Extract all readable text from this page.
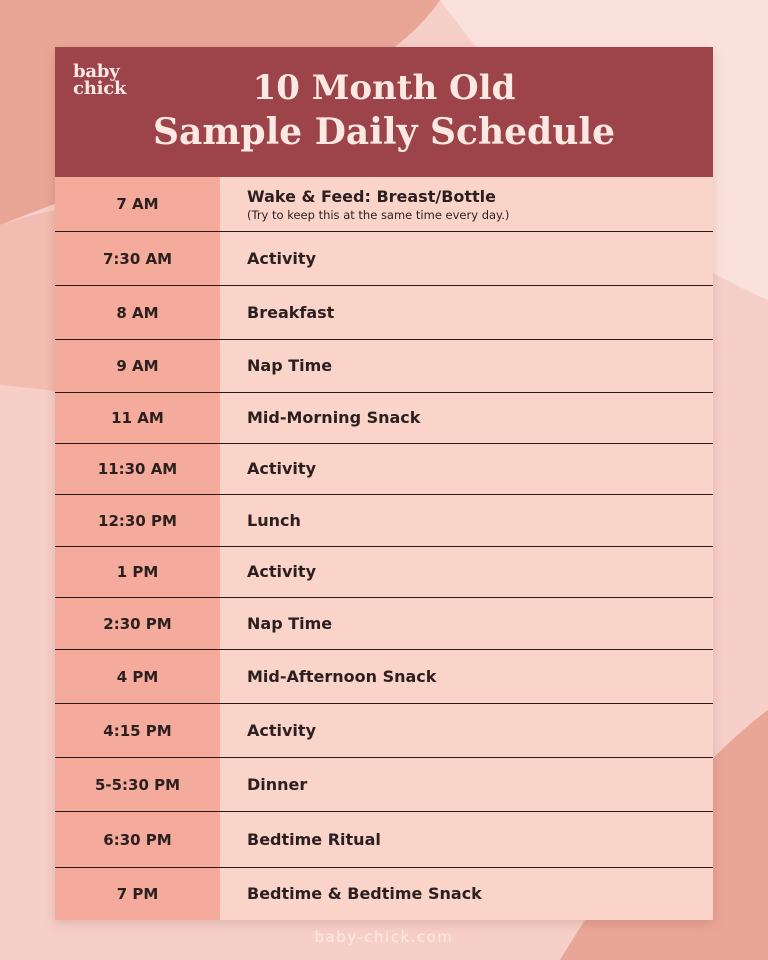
baby
chick	10 Month Old
Sample Daily Schedule
7 AM	Wake & Feed: Breast/Bottle
(Try to keep this at the same time every day.)
7:30 AM	Activity
8 AM	Breakfast
9 AM	Nap Time
11 AM	Mid-Morning Snack
11:30 AM	Activity
12:30 PM	Lunch
1 PM	Activity
2:30 PM	Nap Time
4 PM	Mid-Afternoon Snack
4:15 PM	Activity
5-5:30 PM	Dinner
6:30 PM	Bedtime Ritual
7 PM	Bedtime & Bedtime Snack
baby-chick.com
